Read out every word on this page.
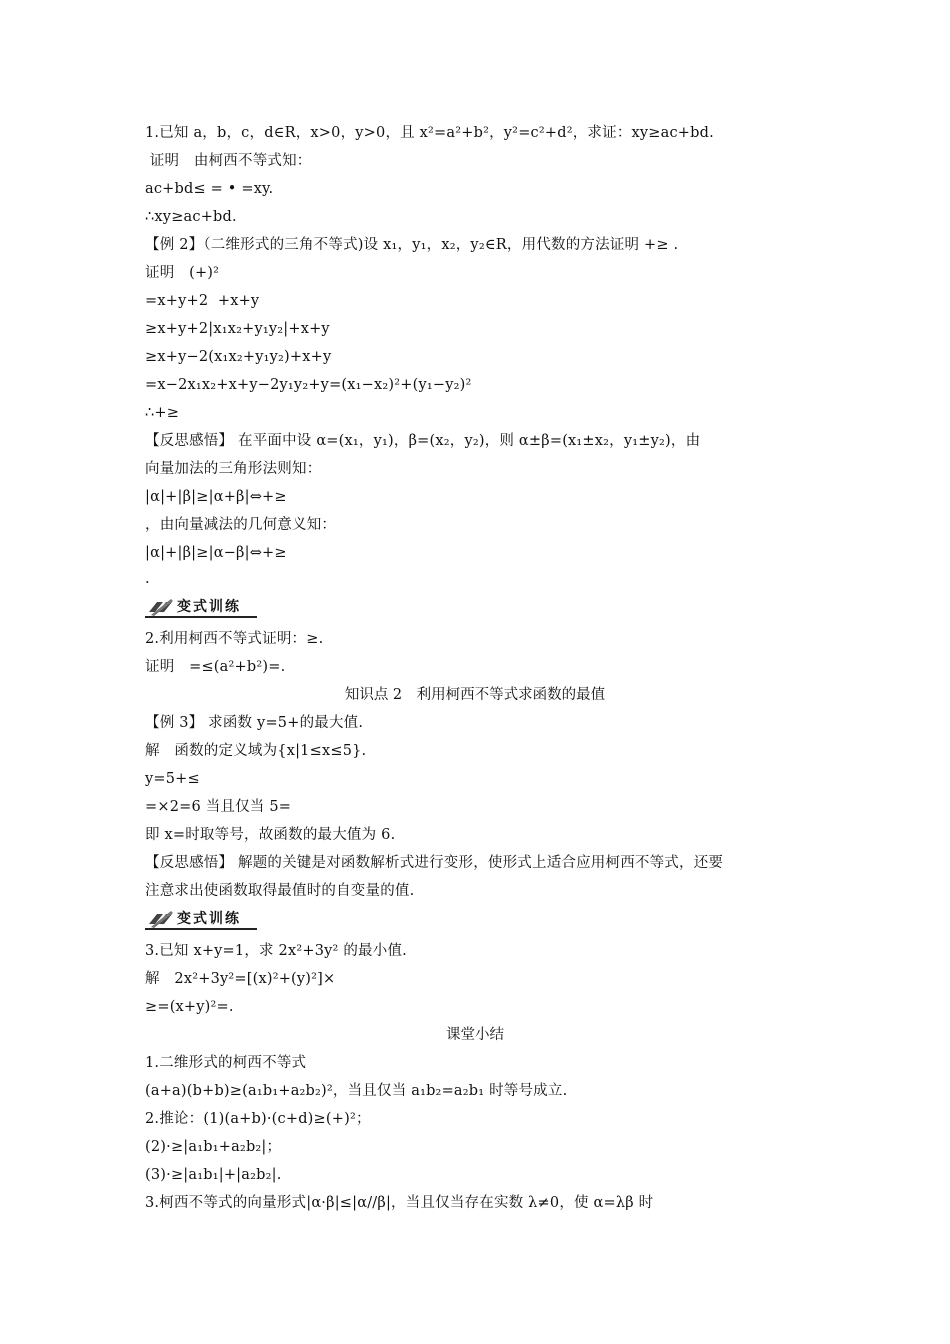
1.已知 a，b，c，d∈R，x>0，y>0，且 x²=a²+b²，y²=c²+d²，求证：xy≥ac+bd.
证明　由柯西不等式知：
ac+bd≤ = • =xy.
∴xy≥ac+bd.
【例 2】（二维形式的三角不等式)设 x₁，y₁，x₂，y₂∈R，用代数的方法证明 +≥ .
证明　(+)²
=x+y+2  +x+y
≥x+y+2|x₁x₂+y₁y₂|+x+y
≥x+y−2(x₁x₂+y₁y₂)+x+y
=x−2x₁x₂+x+y−2y₁y₂+y=(x₁−x₂)²+(y₁−y₂)²
∴+≥
【反思感悟】 在平面中设 α=(x₁，y₁)，β=(x₂，y₂)，则 α±β=(x₁±x₂，y₁±y₂)，由
向量加法的三角形法则知：
|α|+|β|≥|α+β|⇔+≥
，由向量减法的几何意义知：
|α|+|β|≥|α−β|⇔+≥
.
变式训练
2.利用柯西不等式证明：≥.
证明　=≤(a²+b²)=.
知识点 2　利用柯西不等式求函数的最值
【例 3】 求函数 y=5+的最大值.
解　函数的定义域为{x|1≤x≤5}.
y=5+≤
=×2=6 当且仅当 5=
即 x=时取等号，故函数的最大值为 6.
【反思感悟】 解题的关键是对函数解析式进行变形，使形式上适合应用柯西不等式，还要
注意求出使函数取得最值时的自变量的值.
变式训练
3.已知 x+y=1，求 2x²+3y² 的最小值.
解　2x²+3y²=[(x)²+(y)²]×
≥=(x+y)²=.
课堂小结
1.二维形式的柯西不等式
(a+a)(b+b)≥(a₁b₁+a₂b₂)²，当且仅当 a₁b₂=a₂b₁ 时等号成立.
2.推论：(1)(a+b)·(c+d)≥(+)²；
(2)·≥|a₁b₁+a₂b₂|；
(3)·≥|a₁b₁|+|a₂b₂|.
3.柯西不等式的向量形式|α·β|≤|α//β|，当且仅当存在实数 λ≠0，使 α=λβ 时
